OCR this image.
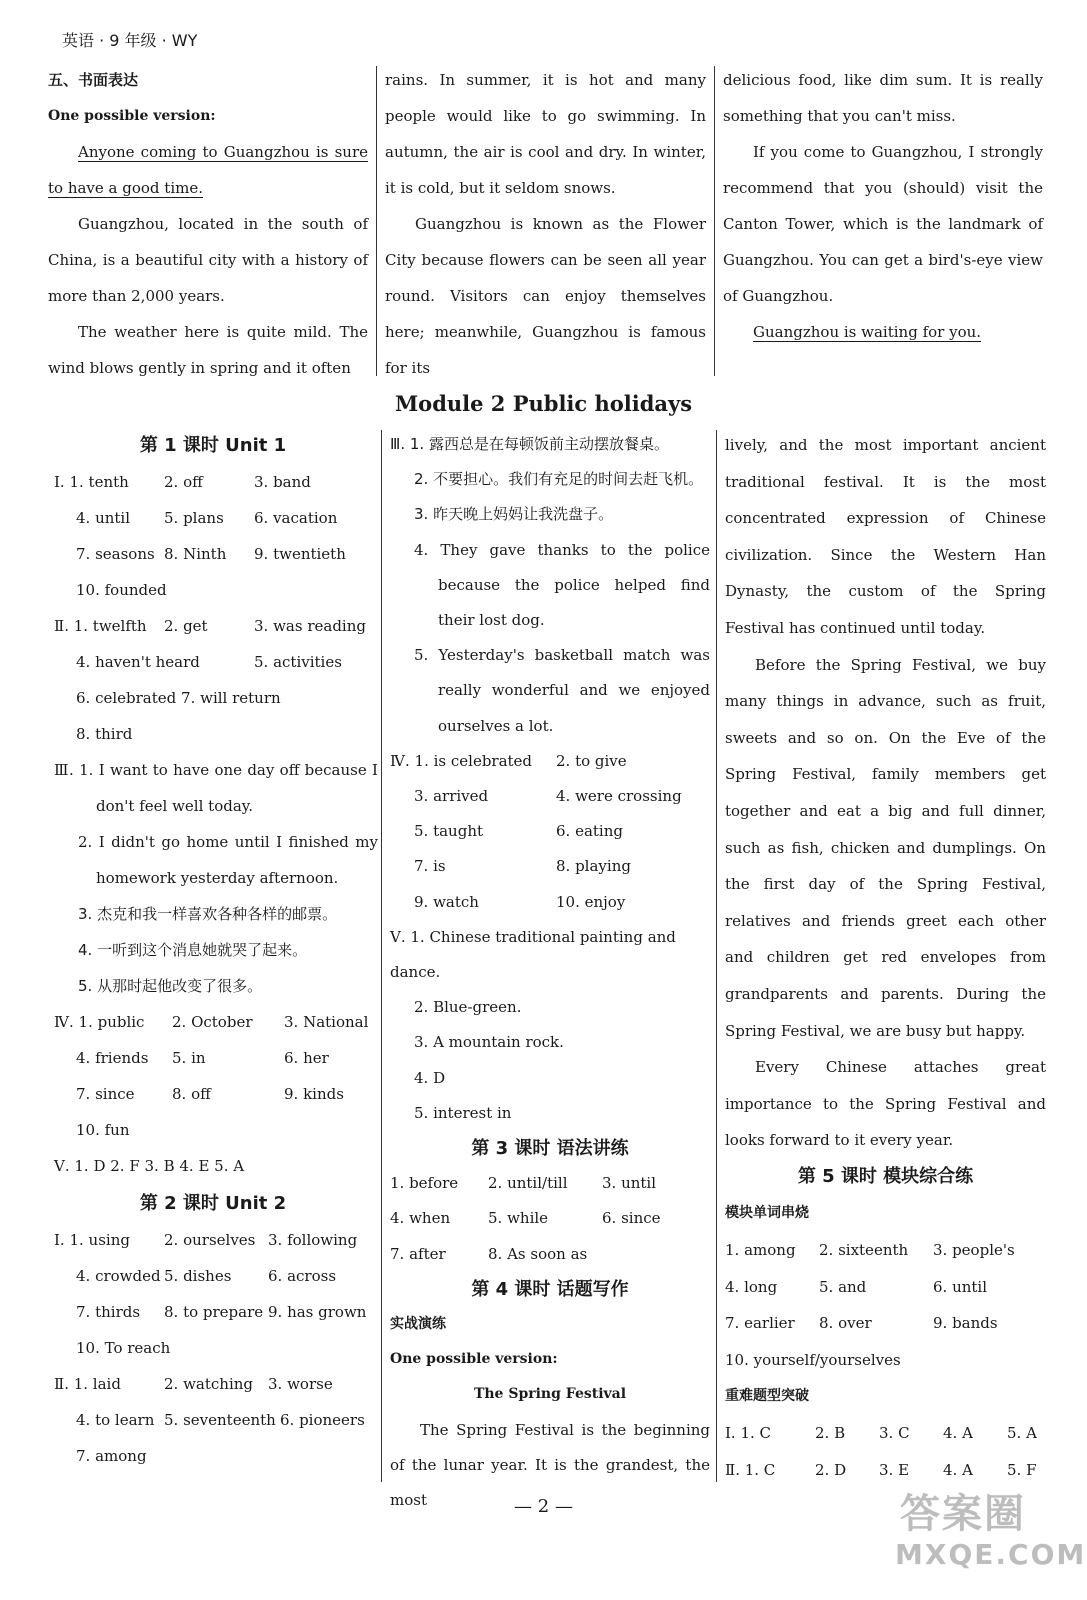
英语 · 9 年级 · WY
五、书面表达
One possible version:
Anyone coming to Guangzhou is sure to have a good time.
Guangzhou, located in the south of China, is a beautiful city with a history of more than 2,000 years.
The weather here is quite mild. The wind blows gently in spring and it often
rains. In summer, it is hot and many people would like to go swimming. In autumn, the air is cool and dry. In winter, it is cold, but it seldom snows.
Guangzhou is known as the Flower City because flowers can be seen all year round. Visitors can enjoy themselves here; meanwhile, Guangzhou is famous for its
delicious food, like dim sum. It is really something that you can't miss.
If you come to Guangzhou, I strongly recommend that you (should) visit the Canton Tower, which is the landmark of Guangzhou. You can get a bird's-eye view of Guangzhou.
Guangzhou is waiting for you.
Module 2 Public holidays
第 1 课时 Unit 1
Ⅰ. 1. tenth	2. off	3. band
4. until	5. plans	6. vacation
7. seasons 8. Ninth	9. twentieth
10. founded
Ⅱ. 1. twelfth	2. get	3. was reading
4. haven't heard	5. activities
6. celebrated 7. will return
8. third
Ⅲ. 1. I want to have one day off because I don't feel well today.
2. I didn't go home until I finished my homework yesterday afternoon.
3. 杰克和我一样喜欢各种各样的邮票。
4. 一听到这个消息她就哭了起来。
5. 从那时起他改变了很多。
Ⅳ. 1. public	2. October	3. National
4. friends	5. in	6. her
7. since	8. off	9. kinds
10. fun
Ⅴ. 1. D 2. F 3. B 4. E 5. A
第 2 课时 Unit 2
Ⅰ. 1. using	2. ourselves 3. following
4. crowded 5. dishes	6. across
7. thirds	8. to prepare 9. has grown
10. To reach
Ⅱ. 1. laid	2. watching 3. worse
4. to learn 5. seventeenth 6. pioneers
7. among
Ⅲ. 1. 露西总是在每顿饭前主动摆放餐桌。
2. 不要担心。我们有充足的时间去赶飞机。
3. 昨天晚上妈妈让我洗盘子。
4. They gave thanks to the police because the police helped find their lost dog.
5. Yesterday's basketball match was really wonderful and we enjoyed ourselves a lot.
Ⅳ. 1. is celebrated	2. to give
3. arrived	4. were crossing
5. taught	6. eating
7. is	8. playing
9. watch	10. enjoy
Ⅴ. 1. Chinese traditional painting and dance.
2. Blue-green.
3. A mountain rock.
4. D
5. interest in
第 3 课时 语法讲练
1. before	2. until/till	3. until
4. when	5. while	6. since
7. after	8. As soon as
第 4 课时 话题写作
实战演练
One possible version:
The Spring Festival
The Spring Festival is the beginning of the lunar year. It is the grandest, the most
lively, and the most important ancient traditional festival. It is the most concentrated expression of Chinese civilization. Since the Western Han Dynasty, the custom of the Spring Festival has continued until today.
Before the Spring Festival, we buy many things in advance, such as fruit, sweets and so on. On the Eve of the Spring Festival, family members get together and eat a big and full dinner, such as fish, chicken and dumplings. On the first day of the Spring Festival, relatives and friends greet each other and children get red envelopes from grandparents and parents. During the Spring Festival, we are busy but happy.
Every Chinese attaches great importance to the Spring Festival and looks forward to it every year.
第 5 课时 模块综合练
模块单词串烧
1. among	2. sixteenth	3. people's
4. long	5. and	6. until
7. earlier	8. over	9. bands
10. yourself/yourselves
重难题型突破
Ⅰ. 1. C	2. B	3. C	4. A	5. A
Ⅱ. 1. C	2. D	3. E	4. A	5. F
— 2 —	答案圈
MXQE.COM
